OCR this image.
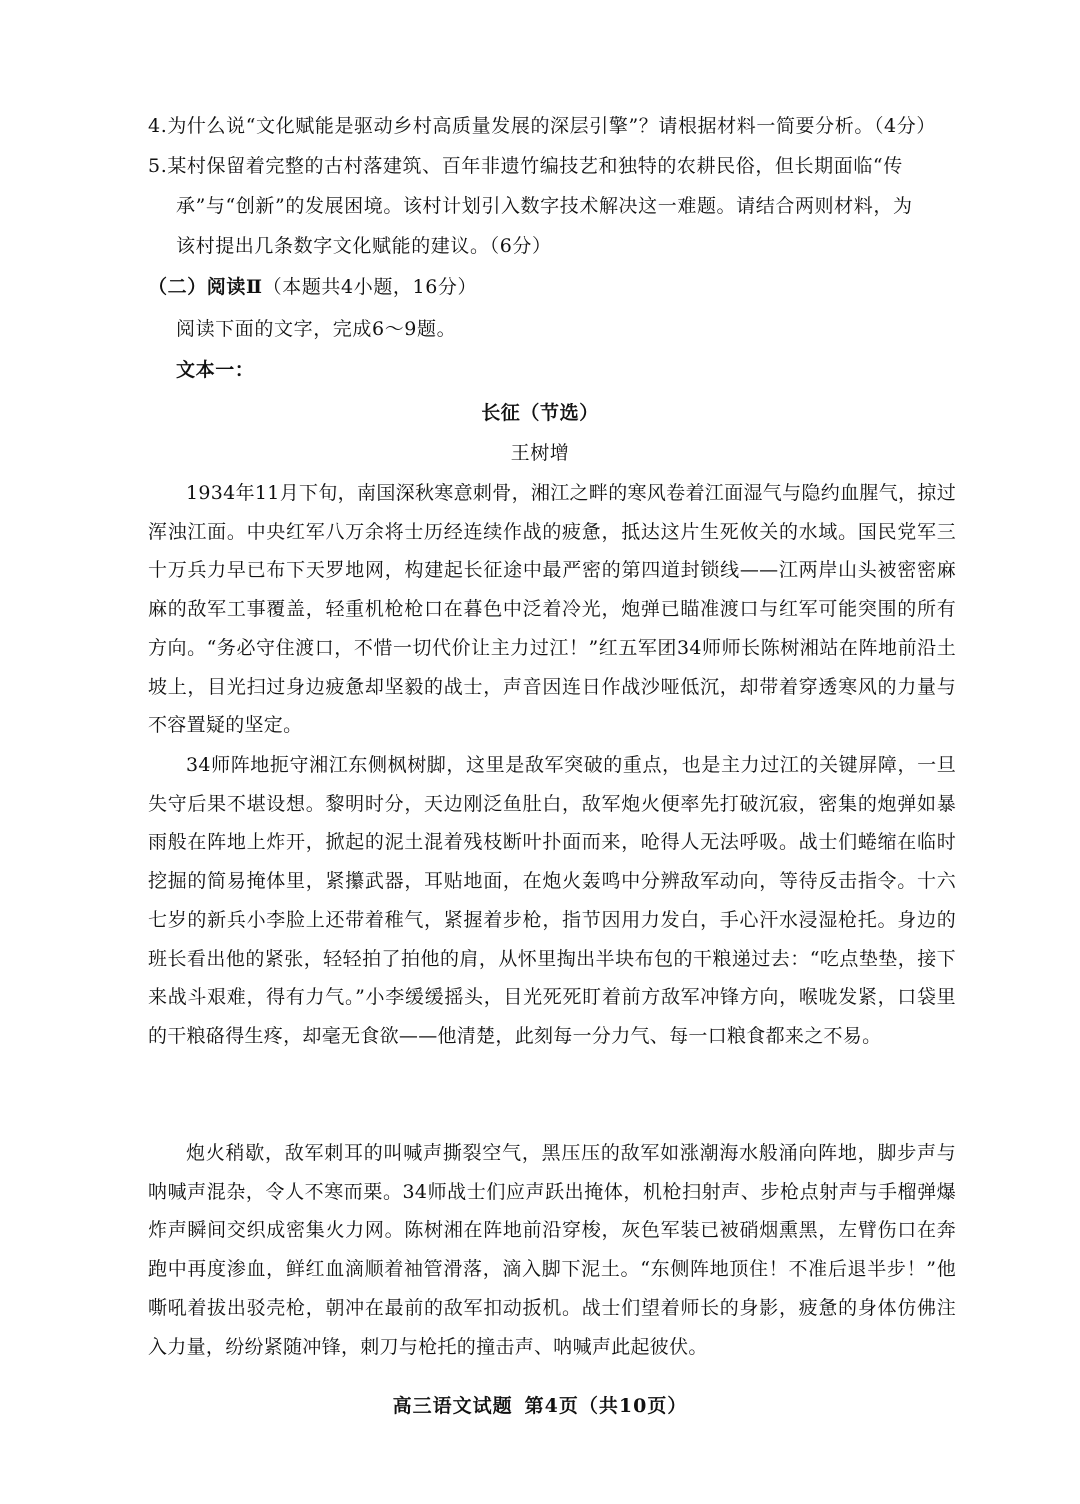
4.为什么说“文化赋能是驱动乡村高质量发展的深层引擎”？请根据材料一简要分析。（4分）
5.某村保留着完整的古村落建筑、百年非遗竹编技艺和独特的农耕民俗，但长期面临“传
承”与“创新”的发展困境。该村计划引入数字技术解决这一难题。请结合两则材料，为
该村提出几条数字文化赋能的建议。（6分）
（二）阅读Ⅱ（本题共4小题，16分）
阅读下面的文字，完成6～9题。
文本一：
长征（节选）
王树增

1934年11月下旬，南国深秋寒意刺骨，湘江之畔的寒风卷着江面湿气与隐约血腥气，掠过浑浊江面。中央红军八万余将士历经连续作战的疲惫，抵达这片生死攸关的水域。国民党军三十万兵力早已布下天罗地网，构建起长征途中最严密的第四道封锁线——江两岸山头被密密麻麻的敌军工事覆盖，轻重机枪枪口在暮色中泛着冷光，炮弹已瞄准渡口与红军可能突围的所有方向。“务必守住渡口，不惜一切代价让主力过江！”红五军团34师师长陈树湘站在阵地前沿土坡上，目光扫过身边疲惫却坚毅的战士，声音因连日作战沙哑低沉，却带着穿透寒风的力量与不容置疑的坚定。

34师阵地扼守湘江东侧枫树脚，这里是敌军突破的重点，也是主力过江的关键屏障，一旦失守后果不堪设想。黎明时分，天边刚泛鱼肚白，敌军炮火便率先打破沉寂，密集的炮弹如暴雨般在阵地上炸开，掀起的泥土混着残枝断叶扑面而来，呛得人无法呼吸。战士们蜷缩在临时挖掘的简易掩体里，紧攥武器，耳贴地面，在炮火轰鸣中分辨敌军动向，等待反击指令。十六七岁的新兵小李脸上还带着稚气，紧握着步枪，指节因用力发白，手心汗水浸湿枪托。身边的班长看出他的紧张，轻轻拍了拍他的肩，从怀里掏出半块布包的干粮递过去：“吃点垫垫，接下来战斗艰难，得有力气。”小李缓缓摇头，目光死死盯着前方敌军冲锋方向，喉咙发紧，口袋里的干粮硌得生疼，却毫无食欲——他清楚，此刻每一分力气、每一口粮食都来之不易。

炮火稍歇，敌军刺耳的叫喊声撕裂空气，黑压压的敌军如涨潮海水般涌向阵地，脚步声与呐喊声混杂，令人不寒而栗。34师战士们应声跃出掩体，机枪扫射声、步枪点射声与手榴弹爆炸声瞬间交织成密集火力网。陈树湘在阵地前沿穿梭，灰色军装已被硝烟熏黑，左臂伤口在奔跑中再度渗血，鲜红血滴顺着袖管滑落，滴入脚下泥土。“东侧阵地顶住！不准后退半步！”他嘶吼着拔出驳壳枪，朝冲在最前的敌军扣动扳机。战士们望着师长的身影，疲惫的身体仿佛注入力量，纷纷紧随冲锋，刺刀与枪托的撞击声、呐喊声此起彼伏。

高三语文试题 第4页（共10页）
